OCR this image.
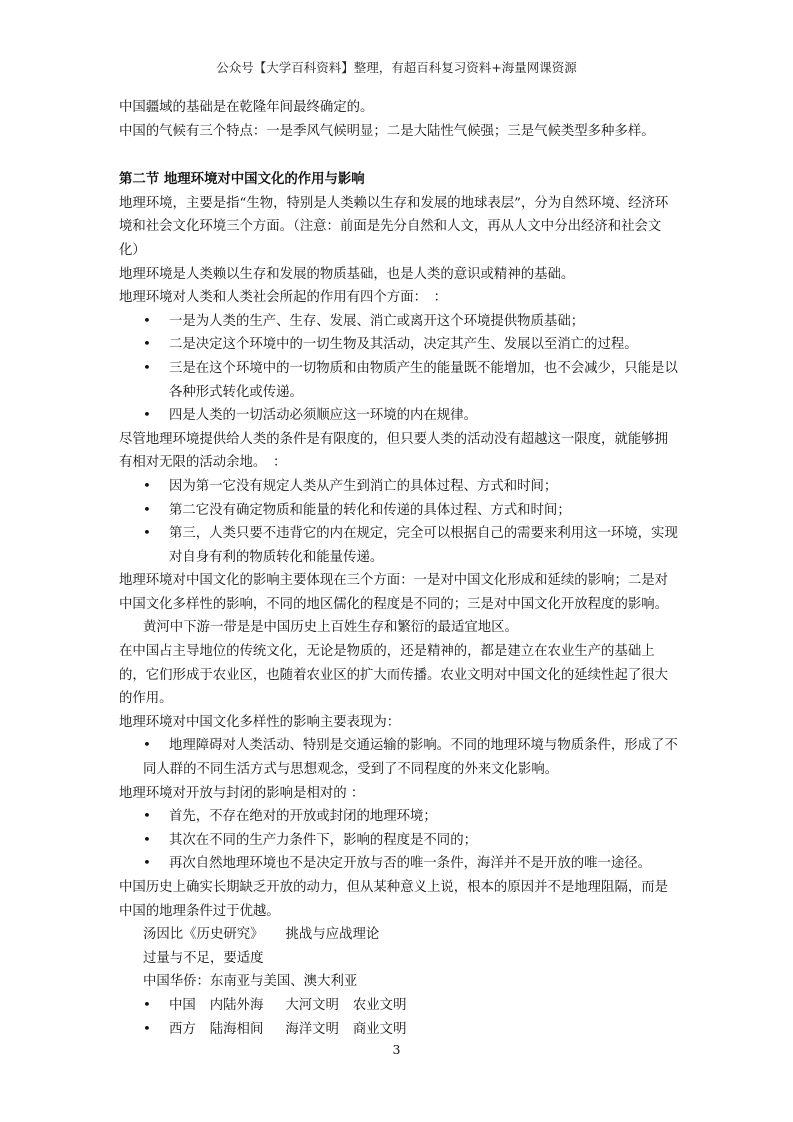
公众号【大学百科资料】整理，有超百科复习资料+海量网课资源

中国疆域的基础是在乾隆年间最终确定的。

中国的气候有三个特点：一是季风气候明显；二是大陆性气候强；三是气候类型多种多样。

第二节 地理环境对中国文化的作用与影响

地理环境，主要是指“生物，特别是人类赖以生存和发展的地球表层”，分为自然环境、经济环境和社会文化环境三个方面。（注意：前面是先分自然和人文，再从人文中分出经济和社会文化）

地理环境是人类赖以生存和发展的物质基础，也是人类的意识或精神的基础。

地理环境对人类和人类社会所起的作用有四个方面：　：

•	一是为人类的生产、生存、发展、消亡或离开这个环境提供物质基础；
•	二是决定这个环境中的一切生物及其活动，决定其产生、发展以至消亡的过程。
•	三是在这个环境中的一切物质和由物质产生的能量既不能增加，也不会减少，只能是以各种形式转化或传递。
•	四是人类的一切活动必须顺应这一环境的内在规律。

尽管地理环境提供给人类的条件是有限度的，但只要人类的活动没有超越这一限度，就能够拥有相对无限的活动余地。　：

•	因为第一它没有规定人类从产生到消亡的具体过程、方式和时间；
•	第二它没有确定物质和能量的转化和传递的具体过程、方式和时间；
•	第三，人类只要不违背它的内在规定，完全可以根据自己的需要来利用这一环境，实现对自身有利的物质转化和能量传递。

地理环境对中国文化的影响主要体现在三个方面：一是对中国文化形成和延续的影响；二是对中国文化多样性的影响，不同的地区儒化的程度是不同的；三是对中国文化开放程度的影响。

黄河中下游一带是是中国历史上百姓生存和繁衍的最适宜地区。

在中国占主导地位的传统文化，无论是物质的，还是精神的，都是建立在农业生产的基础上的，它们形成于农业区，也随着农业区的扩大而传播。农业文明对中国文化的延续性起了很大的作用。

地理环境对中国文化多样性的影响主要表现为：

• 地理障碍对人类活动、特别是交通运输的影响。不同的地理环境与物质条件，形成了不同人群的不同生活方式与思想观念，受到了不同程度的外来文化影响。

地理环境对开放与封闭的影响是相对的 ：

•	首先，不存在绝对的开放或封闭的地理环境；
•	其次在不同的生产力条件下，影响的程度是不同的；
•	再次自然地理环境也不是决定开放与否的唯一条件，海洋并不是开放的唯一途径。

中国历史上确实长期缺乏开放的动力，但从某种意义上说，根本的原因并不是地理阻隔，而是中国的地理条件过于优越。

汤因比《历史研究》 挑战与应战理论

过量与不足，要适度

中国华侨：东南亚与美国、澳大利亚

•	中国 内陆外海 大河文明 农业文明
•	西方 陆海相间 海洋文明 商业文明
3
